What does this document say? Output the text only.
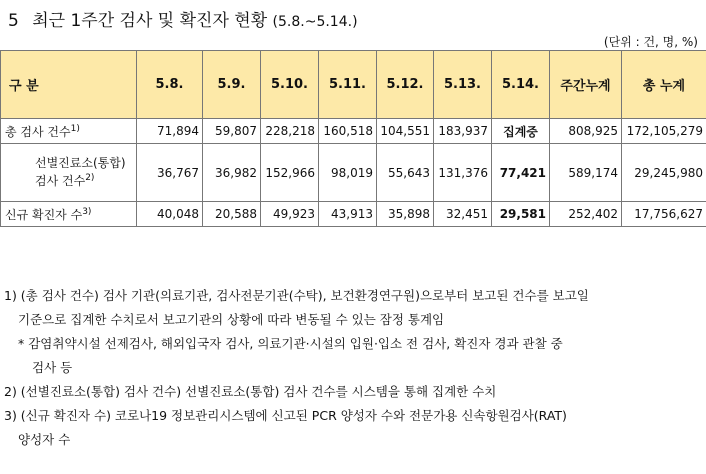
5 최근 1주간 검사 및 확진자 현황 (5.8.~5.14.)
(단위 : 건, 명, %)
구 분	5.8.	5.9.	5.10.	5.11.	5.12.	5.13.	5.14.	주간누계	총 누계
총 검사 건수$^{1)}$	71,894	59,807	228,218	160,518	104,551	183,937	집계중	808,925	172,105,279
선별진료소(통합)
검사 건수$^{2)}$	36,767	36,982	152,966	98,019	55,643	131,376	77,421	589,174	29,245,980
신규 확진자 수$^{3)}$	40,048	20,588	49,923	43,913	35,898	32,451	29,581	252,402	17,756,627
1) (총 검사 건수) 검사 기관(의료기관, 검사전문기관(수탁), 보건환경연구원)으로부터 보고된 건수를 보고일
기준으로 집계한 수치로서 보고기관의 상황에 따라 변동될 수 있는 잠정 통계임
* 감염취약시설 선제검사, 해외입국자 검사, 의료기관·시설의 입원·입소 전 검사, 확진자 경과 관찰 중
검사 등
2) (선별진료소(통합) 검사 건수) 선별진료소(통합) 검사 건수를 시스템을 통해 집계한 수치
3) (신규 확진자 수) 코로나19 정보관리시스템에 신고된 PCR 양성자 수와 전문가용 신속항원검사(RAT)
양성자 수
